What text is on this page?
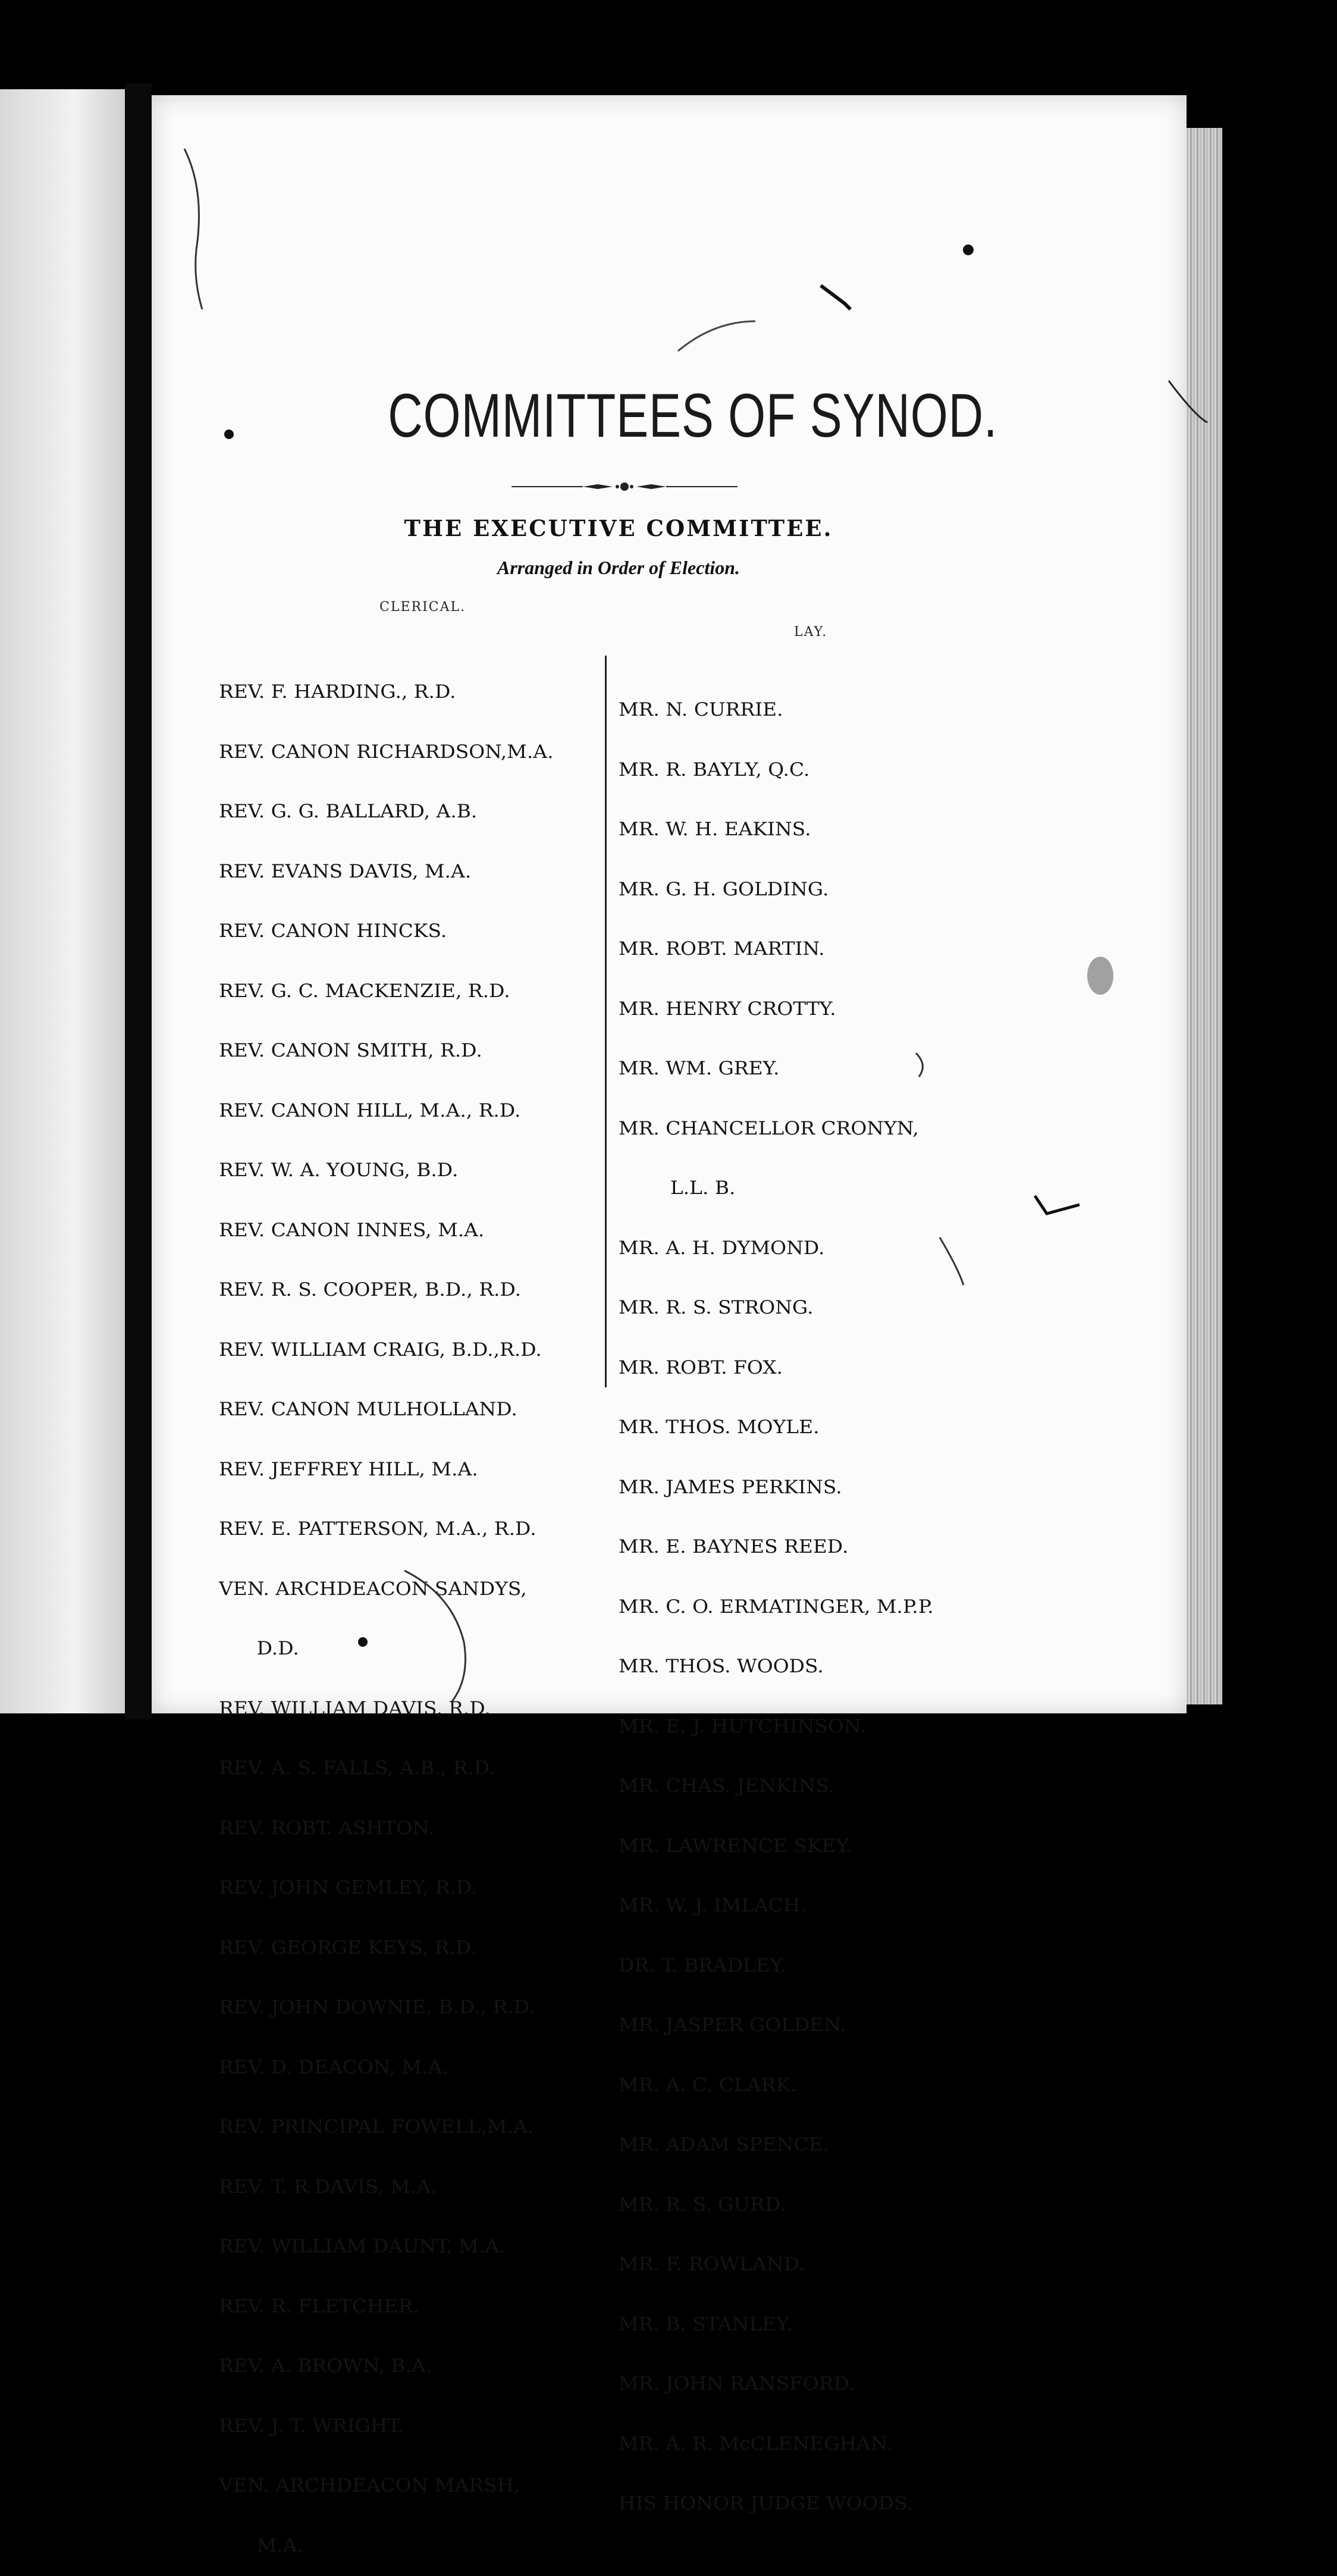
COMMITTEES OF SYNOD.
THE EXECUTIVE COMMITTEE.
Arranged in Order of Election.
CLERICAL.
LAY.

REV. F. HARDING., R.D.

REV. CANON RICHARDSON,M.A.

REV. G. G. BALLARD, A.B.

REV. EVANS DAVIS, M.A.

REV. CANON HINCKS.

REV. G. C. MACKENZIE, R.D.

REV. CANON SMITH, R.D.

REV. CANON HILL, M.A., R.D.

REV. W. A. YOUNG, B.D.

REV. CANON INNES, M.A.

REV. R. S. COOPER, B.D., R.D.

REV. WILLIAM CRAIG, B.D.,R.D.

REV. CANON MULHOLLAND.

REV. JEFFREY HILL, M.A.

REV. E. PATTERSON, M.A., R.D.

VEN. ARCHDEACON SANDYS,

D.D.

REV. WILLIAM DAVIS, R.D.

REV. A. S. FALLS, A.B., R.D.

REV. ROBT. ASHTON.

REV. JOHN GEMLEY, R.D.

REV. GEORGE KEYS, R.D.

REV. JOHN DOWNIE, B.D., R.D.

REV. D. DEACON, M.A.

REV. PRINCIPAL FOWELL,M.A.

REV. T. R DAVIS, M.A.

REV. WILLIAM DAUNT, M.A.

REV. R. FLETCHER.

REV. A. BROWN, B.A.

REV. J. T. WRIGHT.

VEN. ARCHDEACON MARSH,

M.A.

MR. N. CURRIE.

MR. R. BAYLY, Q.C.

MR. W. H. EAKINS.

MR. G. H. GOLDING.

MR. ROBT. MARTIN.

MR. HENRY CROTTY.

MR. WM. GREY.

MR. CHANCELLOR CRONYN,

L.L. B.

MR. A. H. DYMOND.

MR. R. S. STRONG.

MR. ROBT. FOX.

MR. THOS. MOYLE.

MR. JAMES PERKINS.

MR. E. BAYNES REED.

MR. C. O. ERMATINGER, M.P.P.

MR. THOS. WOODS.

MR. E. J. HUTCHINSON.

MR. CHAS. JENKINS.

MR. LAWRENCE SKEY.

MR. W. J. IMLACH.

DR. T. BRADLEY.

MR. JASPER GOLDEN.

MR. A. C. CLARK.

MR. ADAM SPENCE.

MR. R. S. GURD.

MR. F. ROWLAND.

MR. B. STANLEY.

MR. JOHN RANSFORD.

MR. A. R. McCLENEGHAN.

HIS HONOR JUDGE WOODS.
